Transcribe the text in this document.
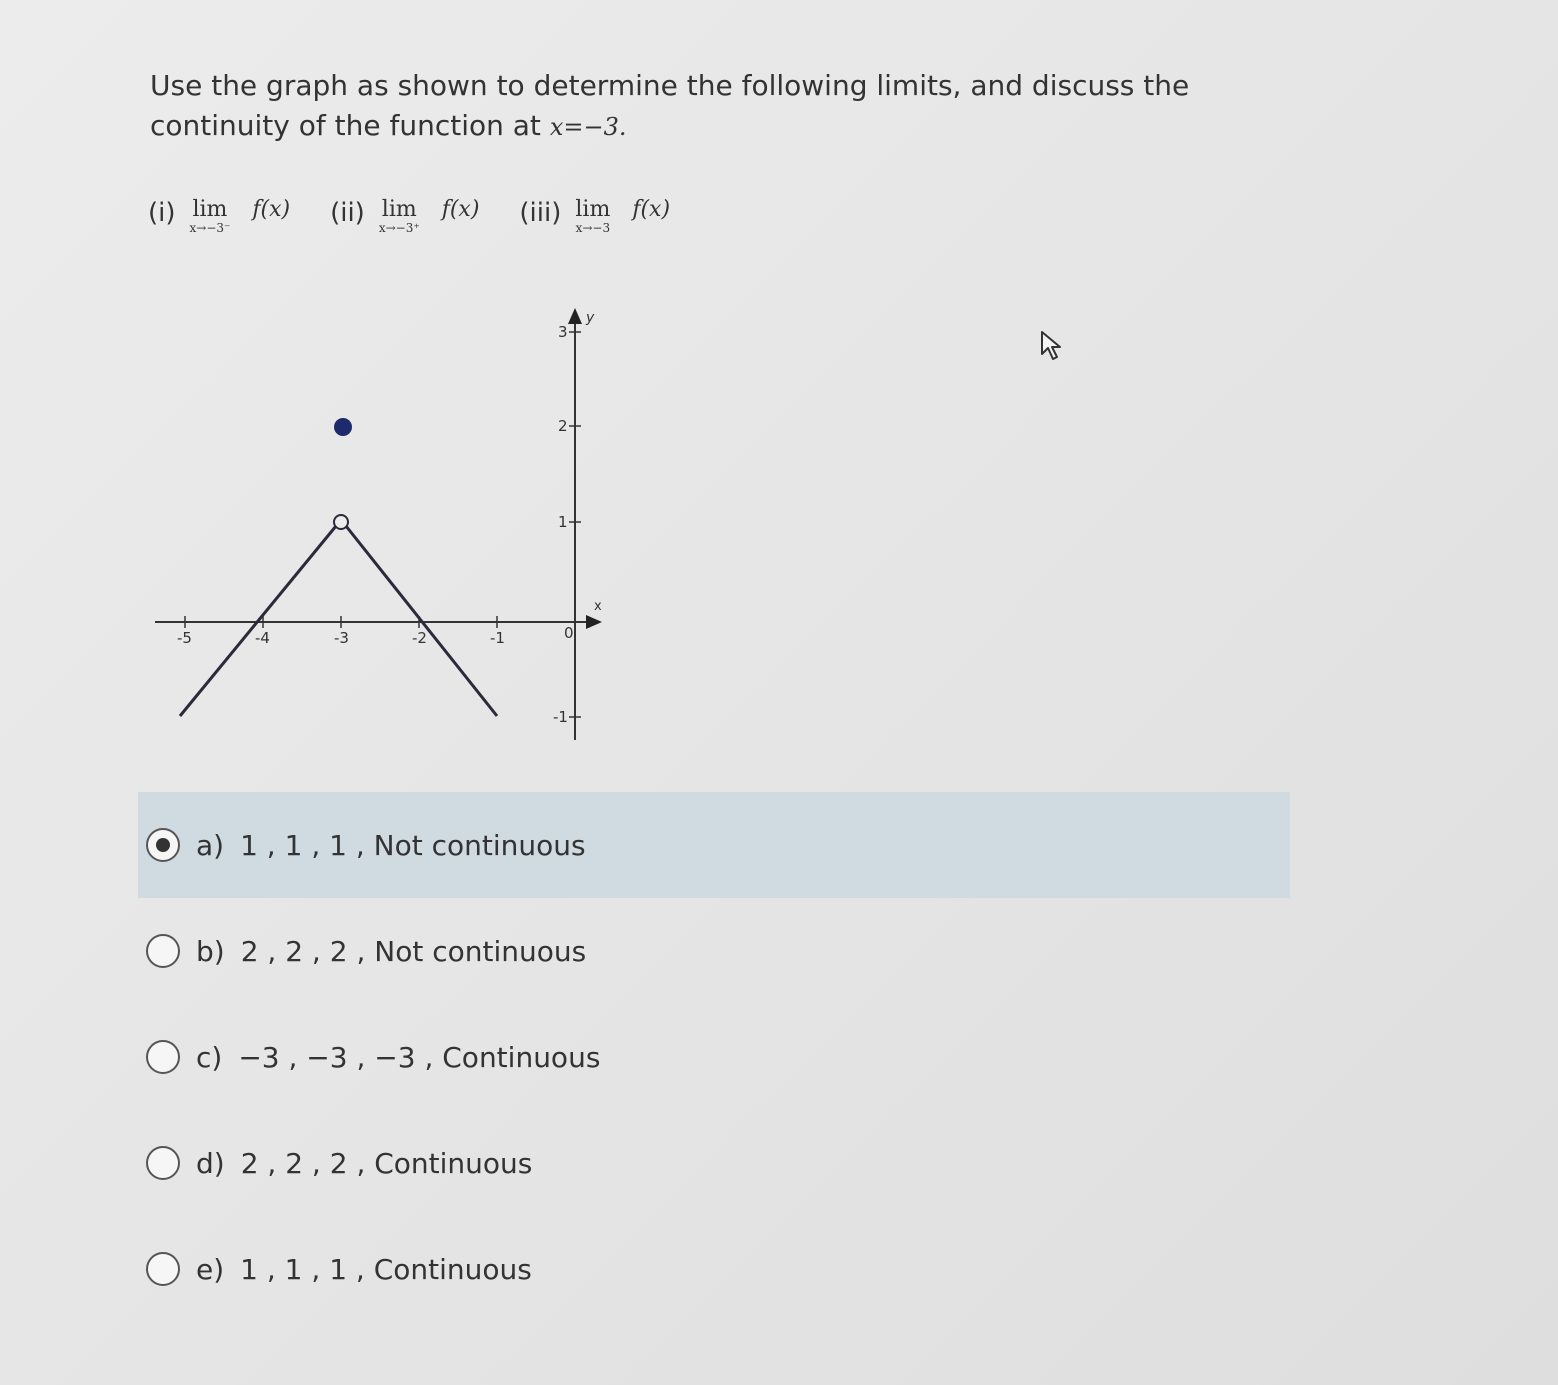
Use the graph as shown to determine the following limits, and discuss the continuity of the function at x=−3.
(i) lim
x→−3⁻
f(x) (ii) lim
x→−3⁺
f(x) (iii) lim
x→−3
f(x)
x
y
-5	-4	-3	-2	-1	0
3
2
1
-1
a) 1 , 1 , 1 , Not continuous
b) 2 , 2 , 2 , Not continuous
c) −3 , −3 , −3 , Continuous
d) 2 , 2 , 2 , Continuous
e) 1 , 1 , 1 , Continuous
